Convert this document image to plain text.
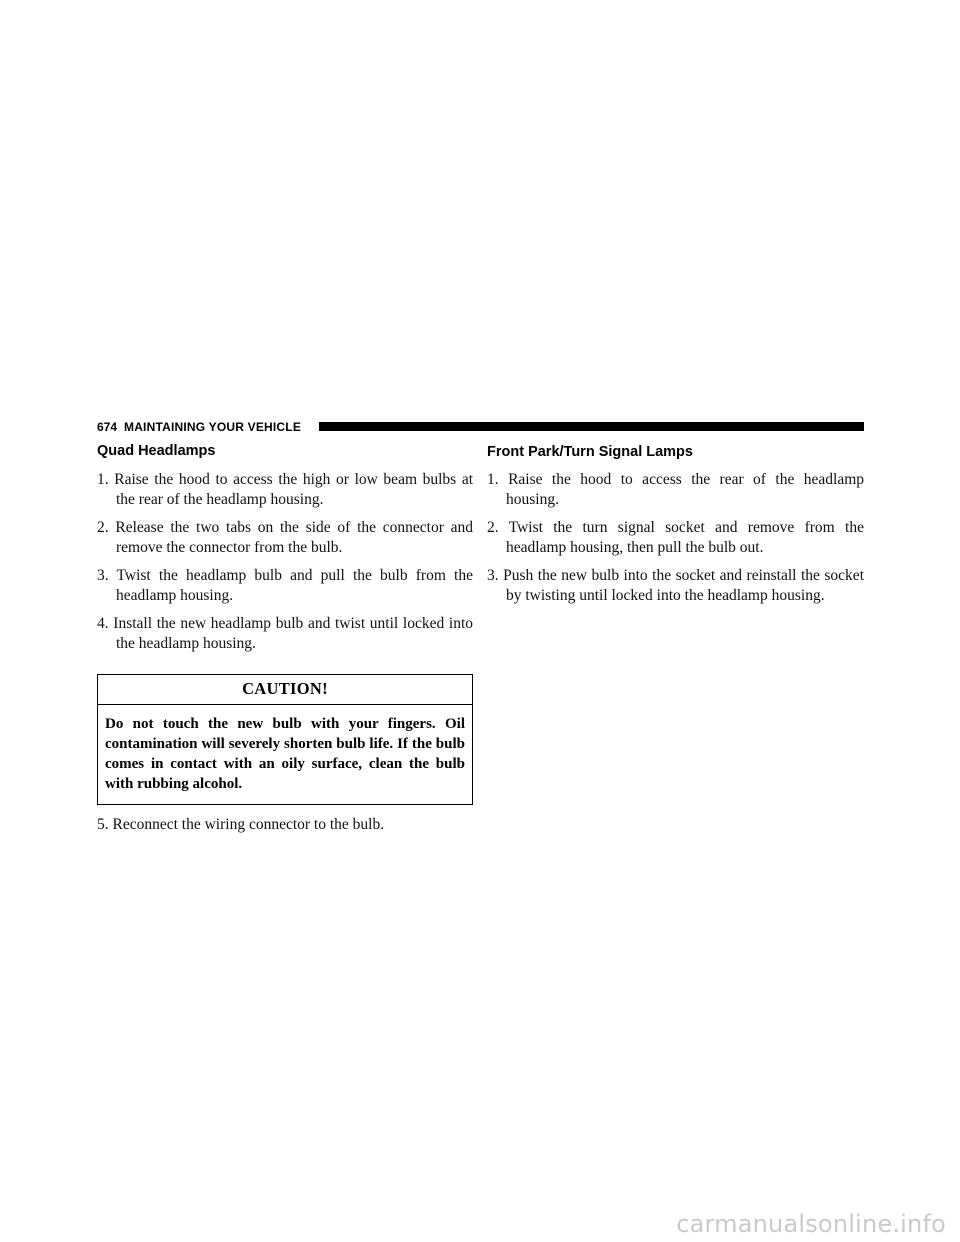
674 MAINTAINING YOUR VEHICLE
Quad Headlamps
1. Raise the hood to access the high or low beam bulbs at the rear of the headlamp housing.
2. Release the two tabs on the side of the connector and remove the connector from the bulb.
3. Twist the headlamp bulb and pull the bulb from the headlamp housing.
4. Install the new headlamp bulb and twist until locked into the headlamp housing.
CAUTION!
Do not touch the new bulb with your fingers. Oil contamination will severely shorten bulb life. If the bulb comes in contact with an oily surface, clean the bulb with rubbing alcohol.
5. Reconnect the wiring connector to the bulb.
Front Park/Turn Signal Lamps
1. Raise the hood to access the rear of the headlamp housing.
2. Twist the turn signal socket and remove from the headlamp housing, then pull the bulb out.
3. Push the new bulb into the socket and reinstall the socket by twisting until locked into the headlamp housing.
carmanualsonline.info
